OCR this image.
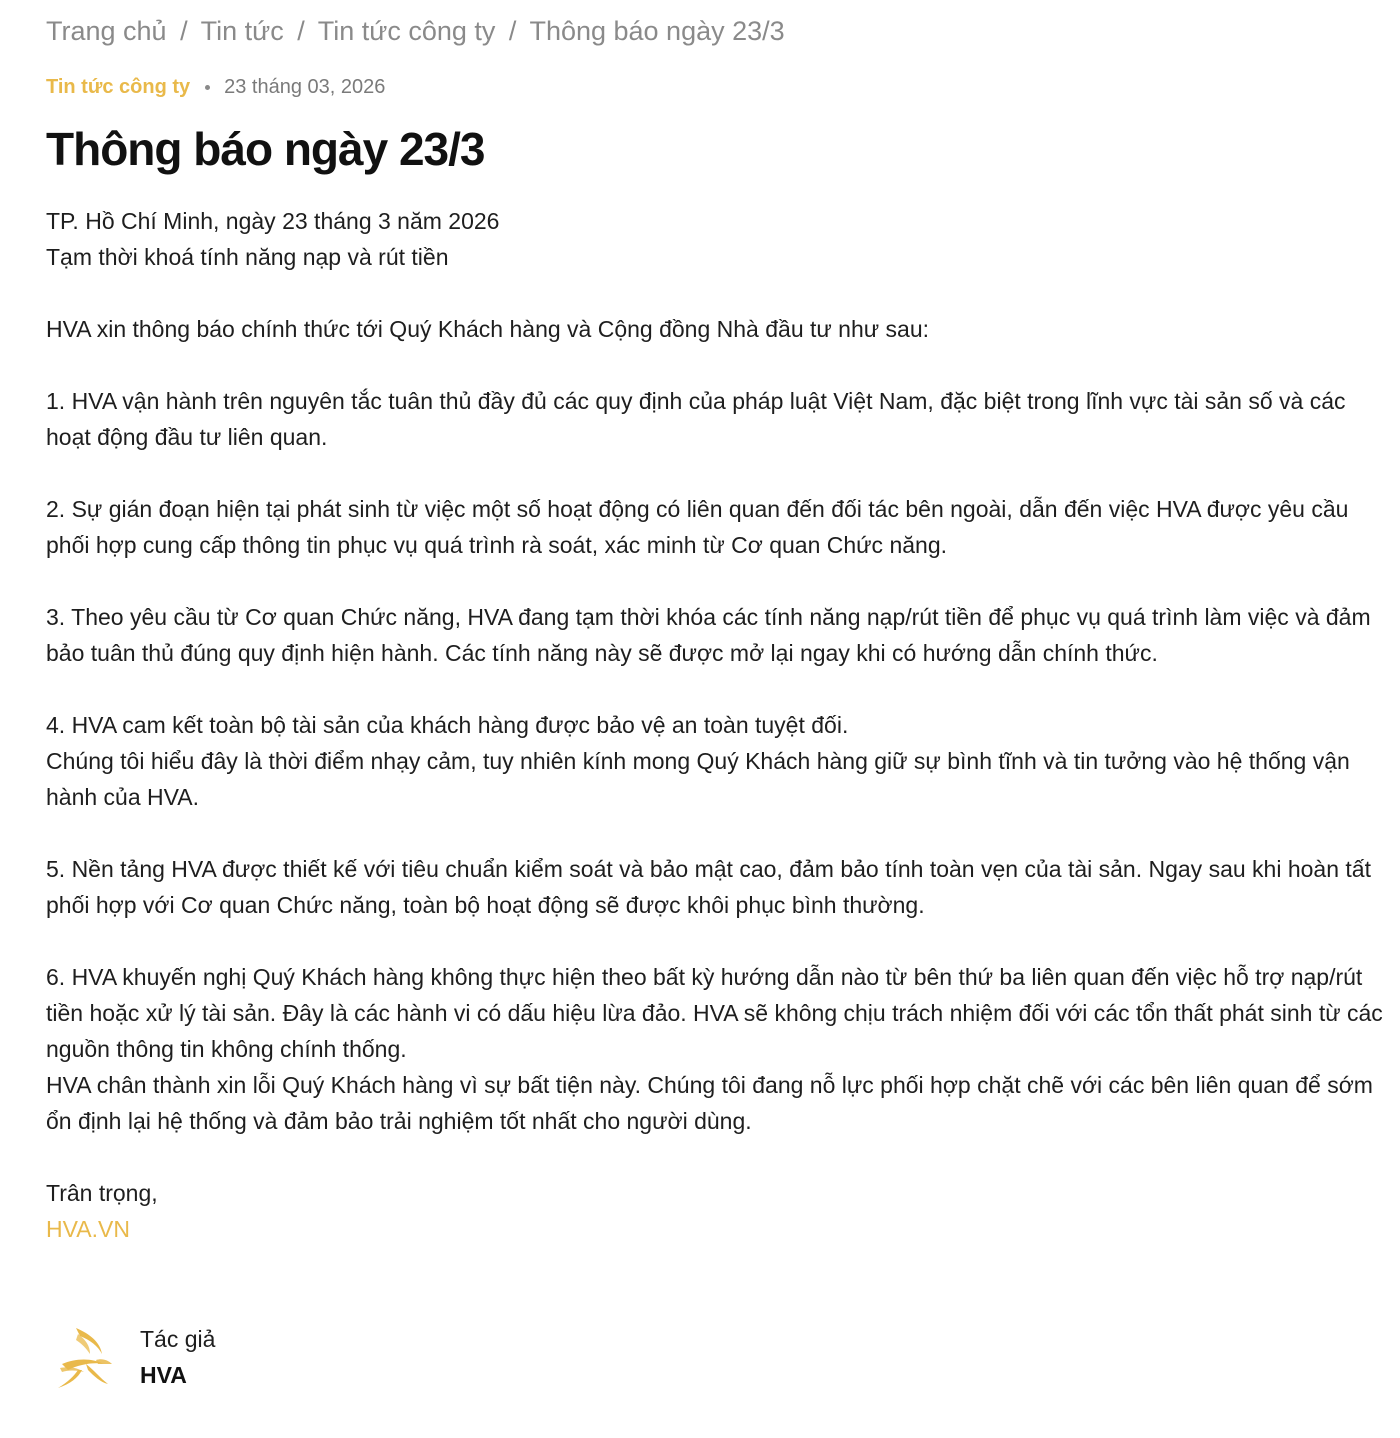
Trang chủ / Tin tức / Tin tức công ty / Thông báo ngày 23/3
Tin tức công ty 23 tháng 03, 2026
Thông báo ngày 23/3

TP. Hồ Chí Minh, ngày 23 tháng 3 năm 2026

Tạm thời khoá tính năng nạp và rút tiền

HVA xin thông báo chính thức tới Quý Khách hàng và Cộng đồng Nhà đầu tư như sau:

1. HVA vận hành trên nguyên tắc tuân thủ đầy đủ các quy định của pháp luật Việt Nam, đặc biệt trong lĩnh vực tài sản số và các hoạt động đầu tư liên quan.

2. Sự gián đoạn hiện tại phát sinh từ việc một số hoạt động có liên quan đến đối tác bên ngoài, dẫn đến việc HVA được yêu cầu phối hợp cung cấp thông tin phục vụ quá trình rà soát, xác minh từ Cơ quan Chức năng.

3. Theo yêu cầu từ Cơ quan Chức năng, HVA đang tạm thời khóa các tính năng nạp/rút tiền để phục vụ quá trình làm việc và đảm bảo tuân thủ đúng quy định hiện hành. Các tính năng này sẽ được mở lại ngay khi có hướng dẫn chính thức.

4. HVA cam kết toàn bộ tài sản của khách hàng được bảo vệ an toàn tuyệt đối.

Chúng tôi hiểu đây là thời điểm nhạy cảm, tuy nhiên kính mong Quý Khách hàng giữ sự bình tĩnh và tin tưởng vào hệ thống vận hành của HVA.

5. Nền tảng HVA được thiết kế với tiêu chuẩn kiểm soát và bảo mật cao, đảm bảo tính toàn vẹn của tài sản. Ngay sau khi hoàn tất phối hợp với Cơ quan Chức năng, toàn bộ hoạt động sẽ được khôi phục bình thường.

6. HVA khuyến nghị Quý Khách hàng không thực hiện theo bất kỳ hướng dẫn nào từ bên thứ ba liên quan đến việc hỗ trợ nạp/rút tiền hoặc xử lý tài sản. Đây là các hành vi có dấu hiệu lừa đảo. HVA sẽ không chịu trách nhiệm đối với các tổn thất phát sinh từ các nguồn thông tin không chính thống.

HVA chân thành xin lỗi Quý Khách hàng vì sự bất tiện này. Chúng tôi đang nỗ lực phối hợp chặt chẽ với các bên liên quan để sớm ổn định lại hệ thống và đảm bảo trải nghiệm tốt nhất cho người dùng.

Trân trọng,

HVA.VN

Tác giả
HVA
